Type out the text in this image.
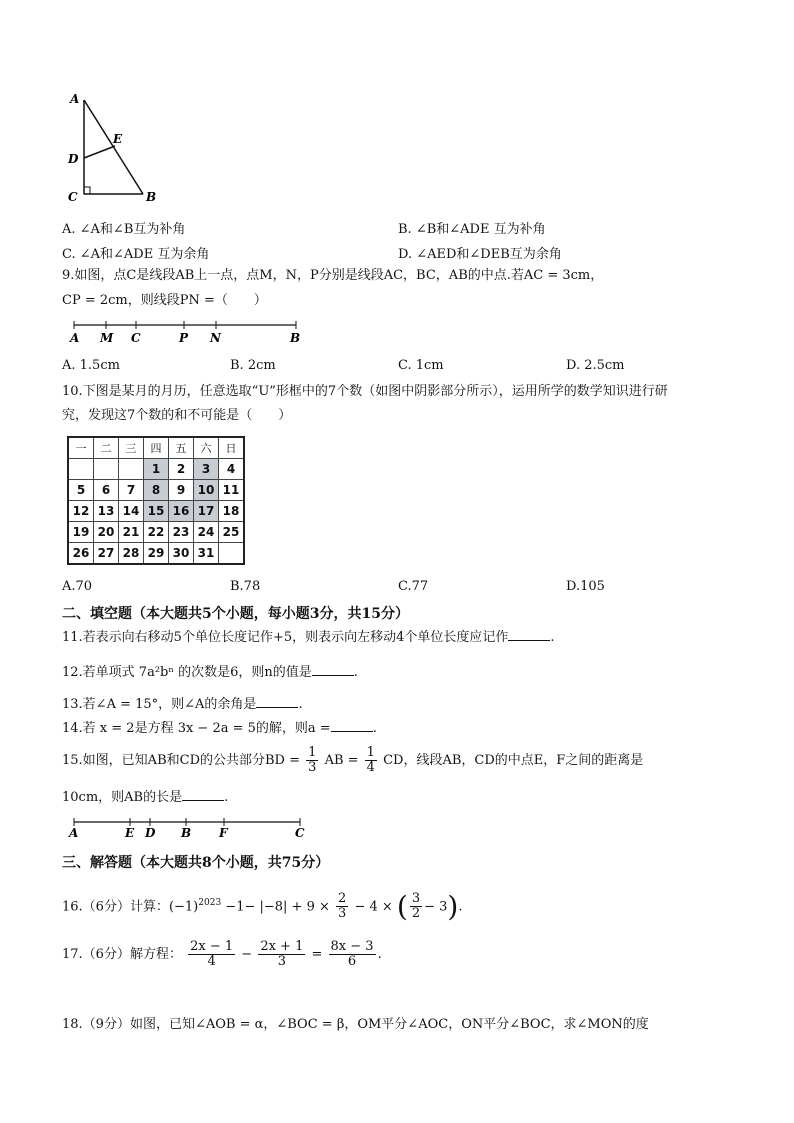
A
E
D
C	B
A. ∠A和∠B互为补角	B. ∠B和∠ADE 互为补角
C. ∠A和∠ADE 互为余角	D. ∠AED和∠DEB互为余角
9.如图，点C是线段AB上一点，点M，N，P分别是线段AC，BC，AB的中点.若AC = 3cm，
CP = 2cm，则线段PN =（　　）
A M C	P N	B
A. 1.5cm	B. 2cm	C. 1cm	D. 2.5cm
10.下图是某月的月历，任意选取“U”形框中的7个数（如图中阴影部分所示），运用所学的数学知识进行研
究，发现这7个数的和不可能是（　　）
一	二	三	四	五	六	日
			1	2	3	4
5	6	7	8	9	10	11
12	13	14	15	16	17	18
19	20	21	22	23	24	25
26	27	28	29	30	31	
A.70	B.78	C.77	D.105
二、填空题（本大题共5个小题，每小题3分，共15分）
11.若表示向右移动5个单位长度记作+5，则表示向左移动4个单位长度应记作	.
12.若单项式 7a²bⁿ 的次数是6，则n的值是	.
13.若∠A = 15°，则∠A的余角是	.
14.若 x = 2是方程 3x − 2a = 5的解，则a =	.
15.如图，已知AB和CD的公共部分BD = $\frac{1}{3}$ AB = $\frac{1}{4}$ CD，线段AB，CD的中点E，F之间的距离是
10cm，则AB的长是	.
A	E D B F	C
三、解答题（本大题共8个小题，共75分）
16.（6分）计算：$(-1)^{2023} -1- |-8| + 9 \times \frac{2}{3} - 4$ × ( $\frac{3}{2} - 3$).
17.（6分）解方程： $\frac{2x - 1}{4} - \frac{2x + 1}{3} = \frac{8x - 3}{6}$ .
18.（9分）如图，已知∠AOB = α，∠BOC = β，OM平分∠AOC，ON平分∠BOC，求∠MON的度
